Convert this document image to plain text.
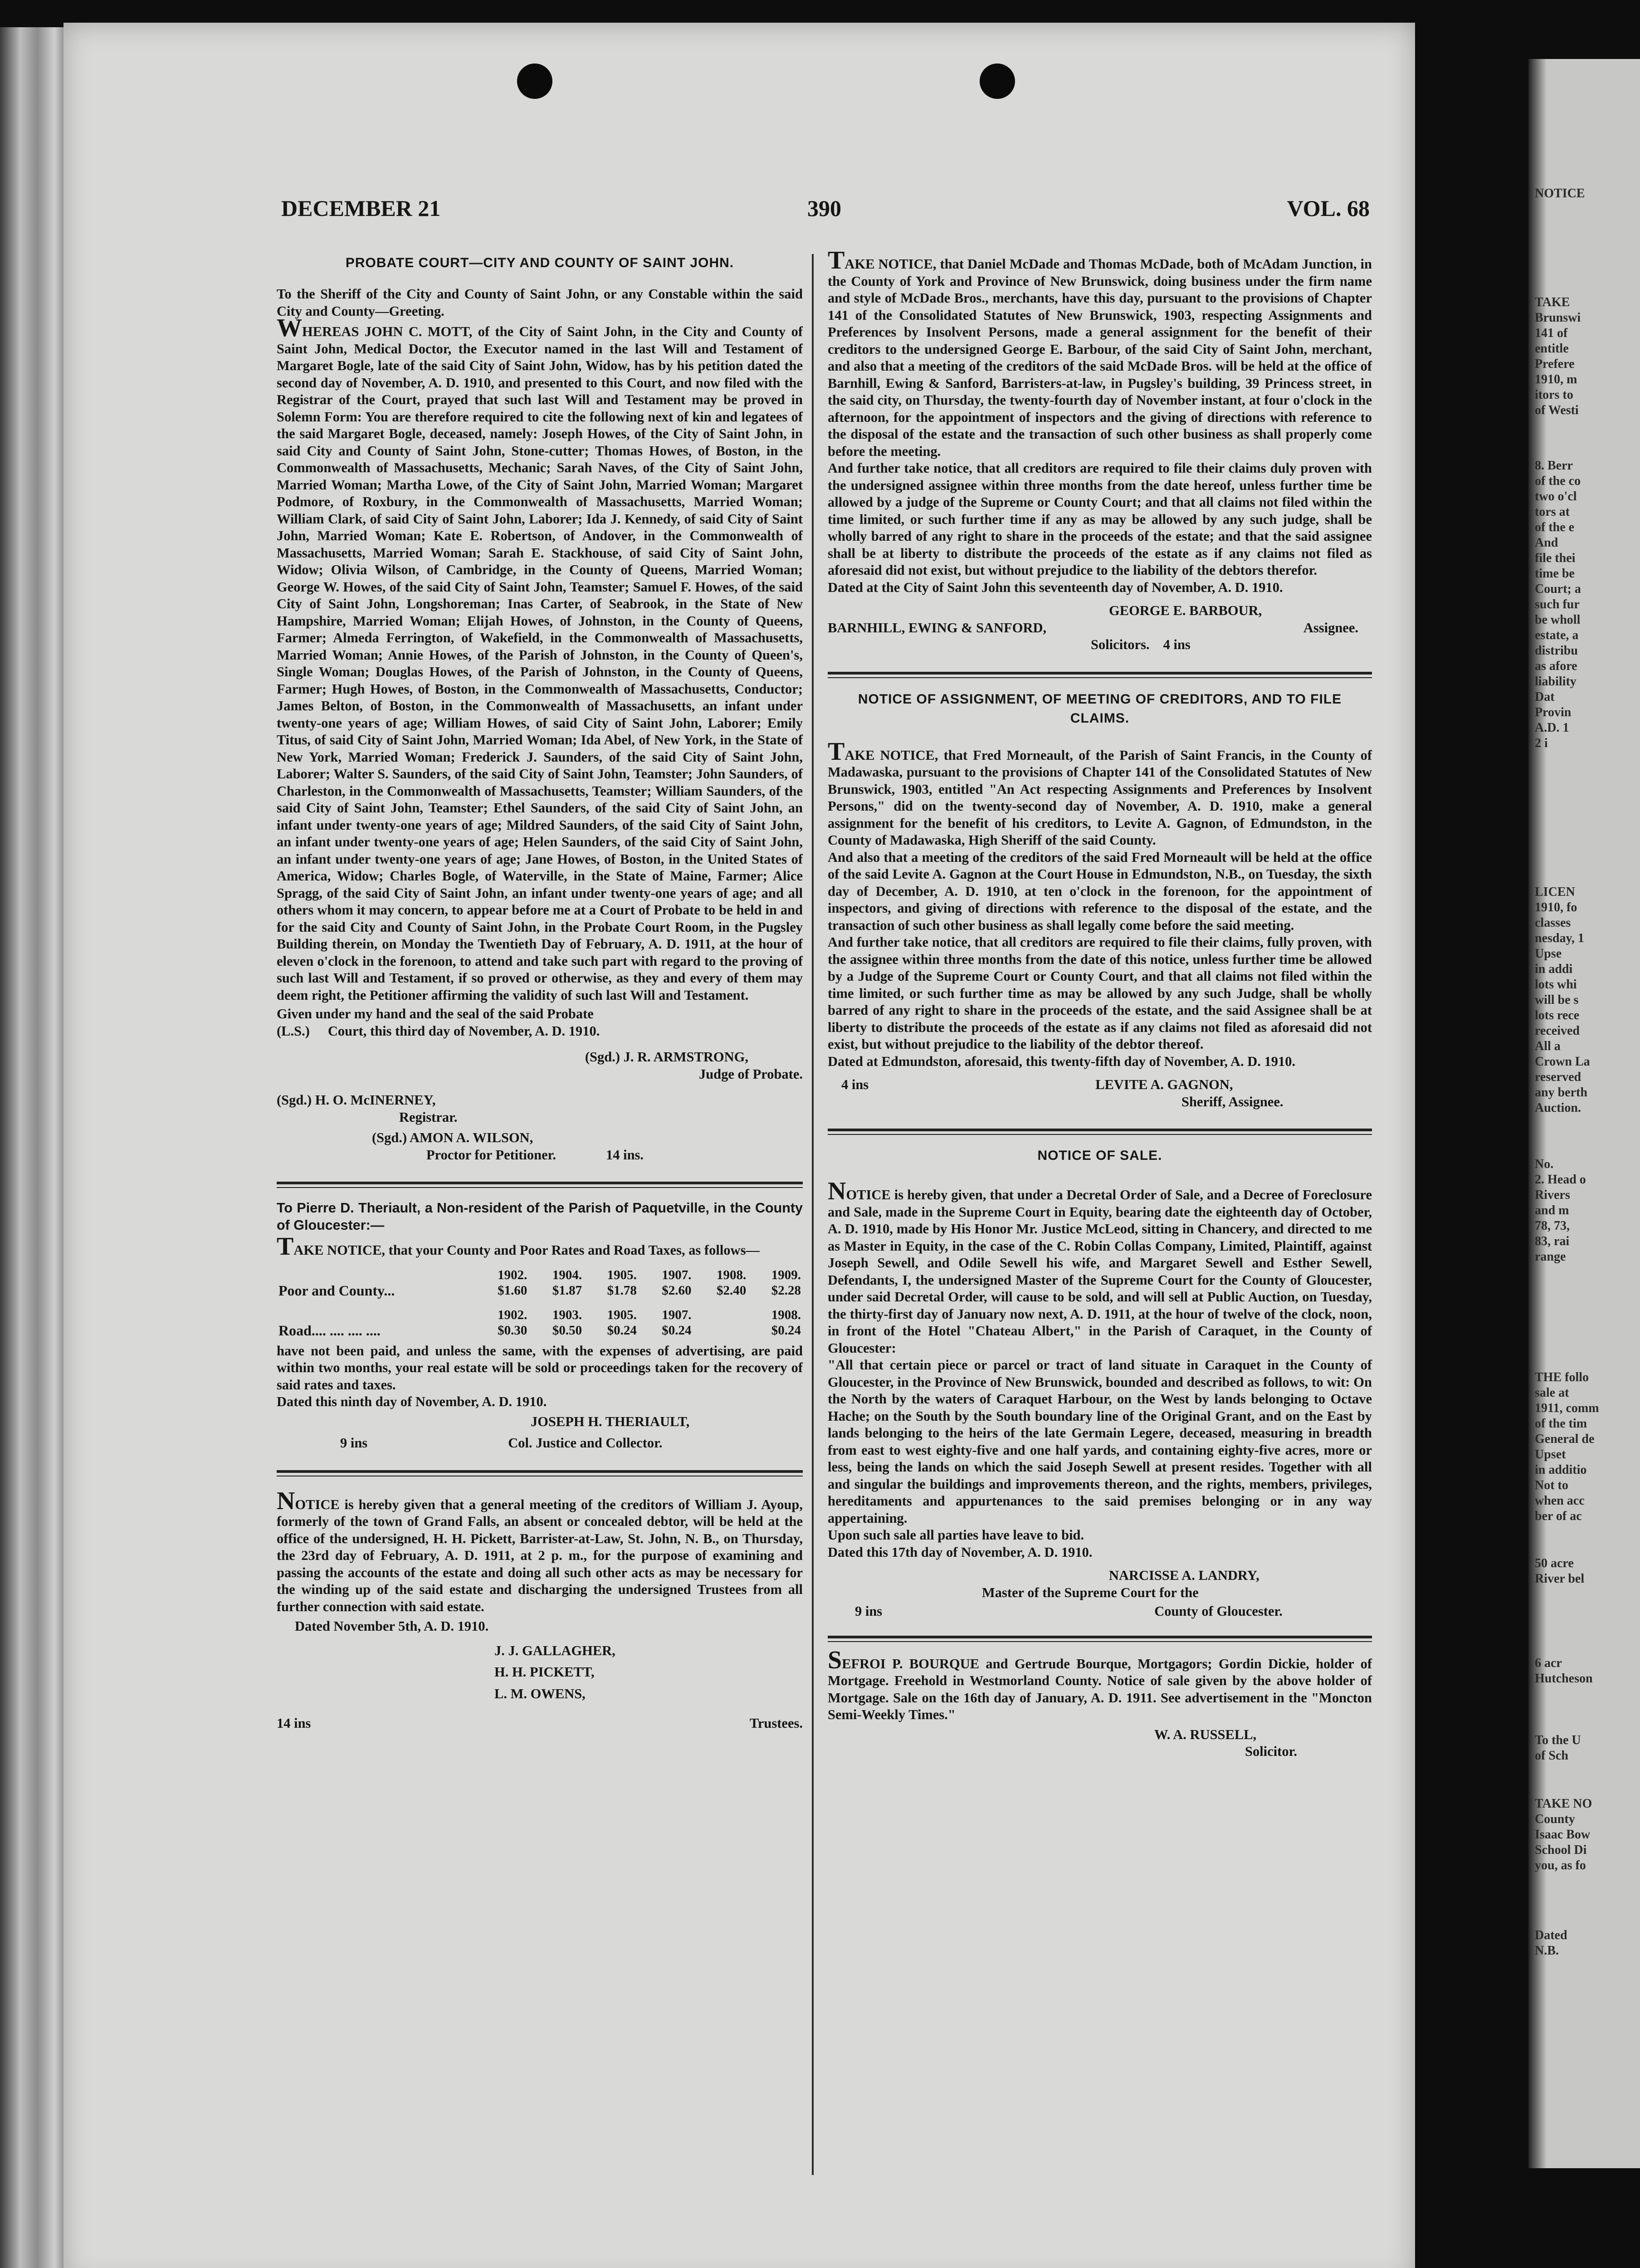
NOTICE
TAKE
Brunswi
141 of
entitle
Prefere
1910, m
itors to
of Westi
8. Berr
of the co
two o'cl
tors at
of the e
And
file thei
time be
Court; a
such fur
be wholl
estate, a
distribu
as afore
liability
Dat
Provin
A.D. 1
2 i
LICEN
1910, fo
classes
nesday, 1
Upse
in addi
lots whi
will be s
lots rece
received
All a
Crown La
reserved
any berth
Auction.
No.
2. Head o
Rivers
and m
78, 73,
83, rai
range
THE follo
sale at
1911, comm
of the tim
General de
Upset
in additio
Not to
when acc
ber of ac
50 acre
River bel
6 acr
Hutcheson
To the U
of Sch
TAKE NO
County
Isaac Bow
School Di
you, as fo
Dated
N.B.
DECEMBER 21	390	VOL. 68
PROBATE COURT—CITY AND COUNTY OF SAINT JOHN.

To the Sheriff of the City and County of Saint John, or any Constable within the said City and County—Greeting.

WHEREAS JOHN C. MOTT, of the City of Saint John, in the City and County of Saint John, Medical Doctor, the Executor named in the last Will and Testament of Margaret Bogle, late of the said City of Saint John, Widow, has by his petition dated the second day of November, A. D. 1910, and presented to this Court, and now filed with the Registrar of the Court, prayed that such last Will and Testament may be proved in Solemn Form: You are therefore required to cite the following next of kin and legatees of the said Margaret Bogle, deceased, namely: Joseph Howes, of the City of Saint John, in said City and County of Saint John, Stone-cutter; Thomas Howes, of Boston, in the Commonwealth of Massachusetts, Mechanic; Sarah Naves, of the City of Saint John, Married Woman; Martha Lowe, of the City of Saint John, Married Woman; Margaret Podmore, of Roxbury, in the Commonwealth of Massachusetts, Married Woman; William Clark, of said City of Saint John, Laborer; Ida J. Kennedy, of said City of Saint John, Married Woman; Kate E. Robertson, of Andover, in the Commonwealth of Massachusetts, Married Woman; Sarah E. Stackhouse, of said City of Saint John, Widow; Olivia Wilson, of Cambridge, in the County of Queens, Married Woman; George W. Howes, of the said City of Saint John, Teamster; Samuel F. Howes, of the said City of Saint John, Longshoreman; Inas Carter, of Seabrook, in the State of New Hampshire, Married Woman; Elijah Howes, of Johnston, in the County of Queens, Farmer; Almeda Ferrington, of Wakefield, in the Commonwealth of Massachusetts, Married Woman; Annie Howes, of the Parish of Johnston, in the County of Queen's, Single Woman; Douglas Howes, of the Parish of Johnston, in the County of Queens, Farmer; Hugh Howes, of Boston, in the Commonwealth of Massachusetts, Conductor; James Belton, of Boston, in the Commonwealth of Massachusetts, an infant under twenty-one years of age; William Howes, of said City of Saint John, Laborer; Emily Titus, of said City of Saint John, Married Woman; Ida Abel, of New York, in the State of New York, Married Woman; Frederick J. Saunders, of the said City of Saint John, Laborer; Walter S. Saunders, of the said City of Saint John, Teamster; John Saunders, of Charleston, in the Commonwealth of Massachusetts, Teamster; William Saunders, of the said City of Saint John, Teamster; Ethel Saunders, of the said City of Saint John, an infant under twenty-one years of age; Mildred Saunders, of the said City of Saint John, an infant under twenty-one years of age; Helen Saunders, of the said City of Saint John, an infant under twenty-one years of age; Jane Howes, of Boston, in the United States of America, Widow; Charles Bogle, of Waterville, in the State of Maine, Farmer; Alice Spragg, of the said City of Saint John, an infant under twenty-one years of age; and all others whom it may concern, to appear before me at a Court of Probate to be held in and for the said City and County of Saint John, in the Probate Court Room, in the Pugsley Building therein, on Monday the Twentieth Day of February, A. D. 1911, at the hour of eleven o'clock in the forenoon, to attend and take such part with regard to the proving of such last Will and Testament, if so proved or otherwise, as they and every of them may deem right, the Petitioner affirming the validity of such last Will and Testament.

Given under my hand and the seal of the said Probate

(L.S.) Court, this third day of November, A. D. 1910.

(Sgd.) J. R. ARMSTRONG,

Judge of Probate.

(Sgd.) H. O. McINERNEY,

Registrar.

(Sgd.) AMON A. WILSON,

Proctor for Petitioner.	14 ins.

To Pierre D. Theriault, a Non-resident of the Parish of Paquetville, in the County of Gloucester:—

TAKE NOTICE, that your County and Poor Rates and Road Taxes, as follows—

	1902.	1904.	1905.	1907.	1908.	1909.
Poor and County...	$1.60	$1.87	$1.78	$2.60	$2.40	$2.28

	1902.	1903.	1905.	1907.		1908.
Road.... .... .... ....	$0.30	$0.50	$0.24	$0.24		$0.24

have not been paid, and unless the same, with the expenses of advertising, are paid within two months, your real estate will be sold or proceedings taken for the recovery of said rates and taxes.

Dated this ninth day of November, A. D. 1910.

JOSEPH H. THERIAULT,

9 ins	Col. Justice and Collector.

NOTICE is hereby given that a general meeting of the creditors of William J. Ayoup, formerly of the town of Grand Falls, an absent or concealed debtor, will be held at the office of the undersigned, H. H. Pickett, Barrister-at-Law, St. John, N. B., on Thursday, the 23rd day of February, A. D. 1911, at 2 p. m., for the purpose of examining and passing the accounts of the estate and doing all such other acts as may be necessary for the winding up of the said estate and discharging the undersigned Trustees from all further connection with said estate.

Dated November 5th, A. D. 1910.

J. J. GALLAGHER,

H. H. PICKETT,

L. M. OWENS,

14 ins	Trustees.

TAKE NOTICE, that Daniel McDade and Thomas McDade, both of McAdam Junction, in the County of York and Province of New Brunswick, doing business under the firm name and style of McDade Bros., merchants, have this day, pursuant to the provisions of Chapter 141 of the Consolidated Statutes of New Brunswick, 1903, respecting Assignments and Preferences by Insolvent Persons, made a general assignment for the benefit of their creditors to the undersigned George E. Barbour, of the said City of Saint John, merchant, and also that a meeting of the creditors of the said McDade Bros. will be held at the office of Barnhill, Ewing & Sanford, Barristers-at-law, in Pugsley's building, 39 Princess street, in the said city, on Thursday, the twenty-fourth day of November instant, at four o'clock in the afternoon, for the appointment of inspectors and the giving of directions with reference to the disposal of the estate and the transaction of such other business as shall properly come before the meeting.

And further take notice, that all creditors are required to file their claims duly proven with the undersigned assignee within three months from the date hereof, unless further time be allowed by a judge of the Supreme or County Court; and that all claims not filed within the time limited, or such further time if any as may be allowed by any such judge, shall be wholly barred of any right to share in the proceeds of the estate; and that the said assignee shall be at liberty to distribute the proceeds of the estate as if any claims not filed as aforesaid did not exist, but without prejudice to the liability of the debtors therefor.

Dated at the City of Saint John this seventeenth day of November, A. D. 1910.

GEORGE E. BARBOUR,

BARNHILL, EWING & SANFORD,	Assignee.

Solicitors. 4 ins

NOTICE OF ASSIGNMENT, OF MEETING OF CREDITORS, AND TO FILE CLAIMS.

TAKE NOTICE, that Fred Morneault, of the Parish of Saint Francis, in the County of Madawaska, pursuant to the provisions of Chapter 141 of the Consolidated Statutes of New Brunswick, 1903, entitled "An Act respecting Assignments and Preferences by Insolvent Persons," did on the twenty-second day of November, A. D. 1910, make a general assignment for the benefit of his creditors, to Levite A. Gagnon, of Edmundston, in the County of Madawaska, High Sheriff of the said County.

And also that a meeting of the creditors of the said Fred Morneault will be held at the office of the said Levite A. Gagnon at the Court House in Edmundston, N.B., on Tuesday, the sixth day of December, A. D. 1910, at ten o'clock in the forenoon, for the appointment of inspectors, and giving of directions with reference to the disposal of the estate, and the transaction of such other business as shall legally come before the said meeting.

And further take notice, that all creditors are required to file their claims, fully proven, with the assignee within three months from the date of this notice, unless further time be allowed by a Judge of the Supreme Court or County Court, and that all claims not filed within the time limited, or such further time as may be allowed by any such Judge, shall be wholly barred of any right to share in the proceeds of the estate, and the said Assignee shall be at liberty to distribute the proceeds of the estate as if any claims not filed as aforesaid did not exist, but without prejudice to the liability of the debtor thereof.

Dated at Edmundston, aforesaid, this twenty-fifth day of November, A. D. 1910.

4 ins	LEVITE A. GAGNON,

Sheriff, Assignee.

NOTICE OF SALE.

NOTICE is hereby given, that under a Decretal Order of Sale, and a Decree of Foreclosure and Sale, made in the Supreme Court in Equity, bearing date the eighteenth day of October, A. D. 1910, made by His Honor Mr. Justice McLeod, sitting in Chancery, and directed to me as Master in Equity, in the case of the C. Robin Collas Company, Limited, Plaintiff, against Joseph Sewell, and Odile Sewell his wife, and Margaret Sewell and Esther Sewell, Defendants, I, the undersigned Master of the Supreme Court for the County of Gloucester, under said Decretal Order, will cause to be sold, and will sell at Public Auction, on Tuesday, the thirty-first day of January now next, A. D. 1911, at the hour of twelve of the clock, noon, in front of the Hotel "Chateau Albert," in the Parish of Caraquet, in the County of Gloucester:

"All that certain piece or parcel or tract of land situate in Caraquet in the County of Gloucester, in the Province of New Brunswick, bounded and described as follows, to wit: On the North by the waters of Caraquet Harbour, on the West by lands belonging to Octave Hache; on the South by the South boundary line of the Original Grant, and on the East by lands belonging to the heirs of the late Germain Legere, deceased, measuring in breadth from east to west eighty-five and one half yards, and containing eighty-five acres, more or less, being the lands on which the said Joseph Sewell at present resides. Together with all and singular the buildings and improvements thereon, and the rights, members, privileges, hereditaments and appurtenances to the said premises belonging or in any way appertaining.

Upon such sale all parties have leave to bid.

Dated this 17th day of November, A. D. 1910.

NARCISSE A. LANDRY,

Master of the Supreme Court for the

9 ins	County of Gloucester.

SEFROI P. BOURQUE and Gertrude Bourque, Mortgagors; Gordin Dickie, holder of Mortgage. Freehold in Westmorland County. Notice of sale given by the above holder of Mortgage. Sale on the 16th day of January, A. D. 1911. See advertisement in the "Moncton Semi-Weekly Times."

W. A. RUSSELL,

Solicitor.
